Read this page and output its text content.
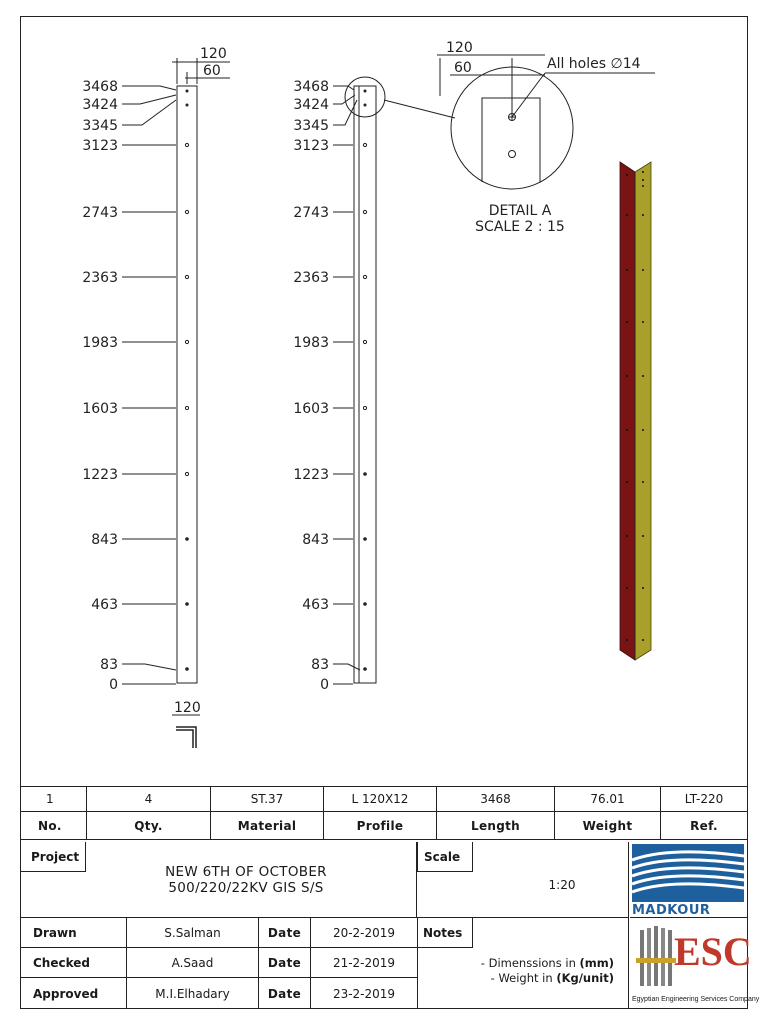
120
60
3468
3424
3345
3123
2743
2363
1983
1603
1223
843
463
83
0
120
3468
3424
3345
3123
2743
2363
1983
1603
1223
843
463
83
0
120
60	All holes ∅14
DETAIL A
SCALE 2 : 15
1	4	ST.37	L 120X12	3468	76.01	LT-220
No.	Qty.	Material	Profile	Length	Weight	Ref.
Project
NEW 6TH OF OCTOBER
500/220/22KV GIS S/S
Scale
1:20
MADKOUR
Drawn	S.Salman	Date	20-2-2019
Checked	A.Saad	Date	21-2-2019
Approved	M.I.Elhadary	Date	23-2-2019
Notes
- Dimenssions in (mm)
- Weight in (Kg/unit)
ESC
Egyptian Engineering Services Company
